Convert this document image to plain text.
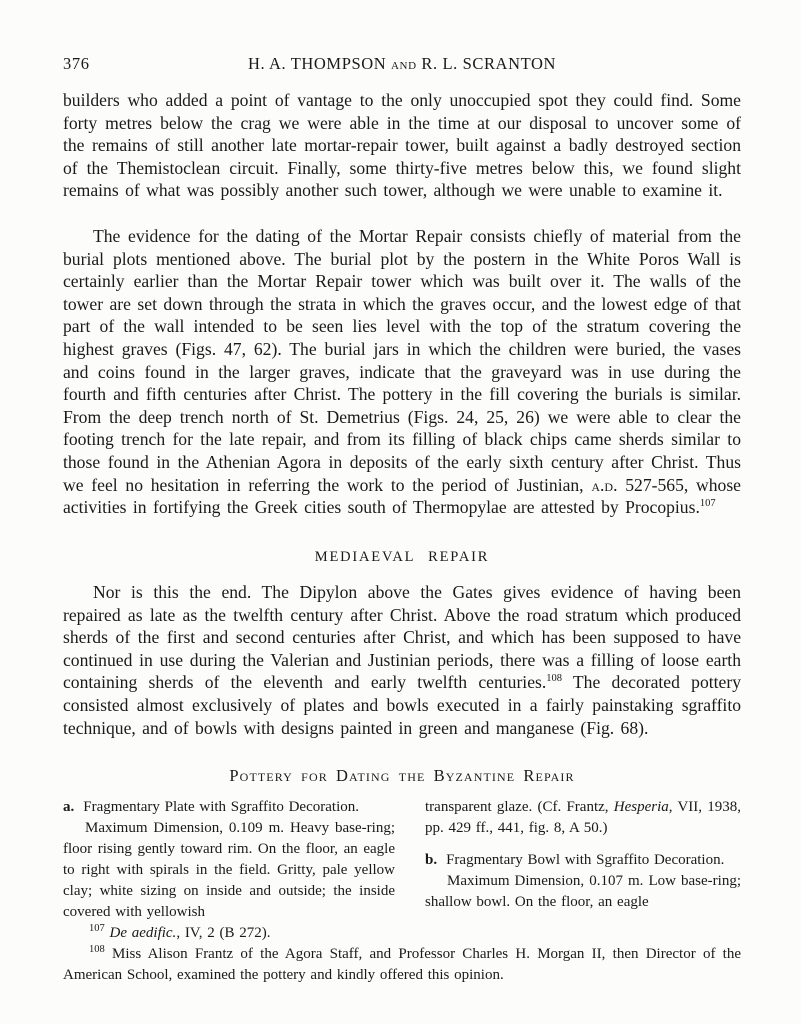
376	H. A. THOMPSON and R. L. SCRANTON

builders who added a point of vantage to the only unoccupied spot they could find. Some forty metres below the crag we were able in the time at our disposal to uncover some of the remains of still another late mortar-repair tower, built against a badly destroyed section of the Themistoclean circuit. Finally, some thirty-five metres below this, we found slight remains of what was possibly another such tower, although we were unable to examine it.

The evidence for the dating of the Mortar Repair consists chiefly of material from the burial plots mentioned above. The burial plot by the postern in the White Poros Wall is certainly earlier than the Mortar Repair tower which was built over it. The walls of the tower are set down through the strata in which the graves occur, and the lowest edge of that part of the wall intended to be seen lies level with the top of the stratum covering the highest graves (Figs. 47, 62). The burial jars in which the children were buried, the vases and coins found in the larger graves, indicate that the graveyard was in use during the fourth and fifth centuries after Christ. The pottery in the fill covering the burials is similar. From the deep trench north of St. Demetrius (Figs. 24, 25, 26) we were able to clear the footing trench for the late repair, and from its filling of black chips came sherds similar to those found in the Athenian Agora in deposits of the early sixth century after Christ. Thus we feel no hesitation in referring the work to the period of Justinian, a.d. 527-565, whose activities in fortifying the Greek cities south of Thermopylae are attested by Procopius.$^{107}$

MEDIAEVAL REPAIR

Nor is this the end. The Dipylon above the Gates gives evidence of having been repaired as late as the twelfth century after Christ. Above the road stratum which produced sherds of the first and second centuries after Christ, and which has been supposed to have continued in use during the Valerian and Justinian periods, there was a filling of loose earth containing sherds of the eleventh and early twelfth centuries.$^{108}$ The decorated pottery consisted almost exclusively of plates and bowls executed in a fairly painstaking sgraffito technique, and of bowls with designs painted in green and manganese (Fig. 68).

Pottery for Dating the Byzantine Repair

a. Fragmentary Plate with Sgraffito Decoration.

Maximum Dimension, 0.109 m. Heavy base-ring; floor rising gently toward rim. On the floor, an eagle to right with spirals in the field. Gritty, pale yellow clay; white sizing on inside and outside; the inside covered with yellowish

transparent glaze. (Cf. Frantz, Hesperia, VII, 1938, pp. 429 ff., 441, fig. 8, A 50.)

b. Fragmentary Bowl with Sgraffito Decoration.

Maximum Dimension, 0.107 m. Low base-ring; shallow bowl. On the floor, an eagle

$^{107}$ De aedific., IV, 2 (B 272).

$^{108}$ Miss Alison Frantz of the Agora Staff, and Professor Charles H. Morgan II, then Director of the American School, examined the pottery and kindly offered this opinion.
